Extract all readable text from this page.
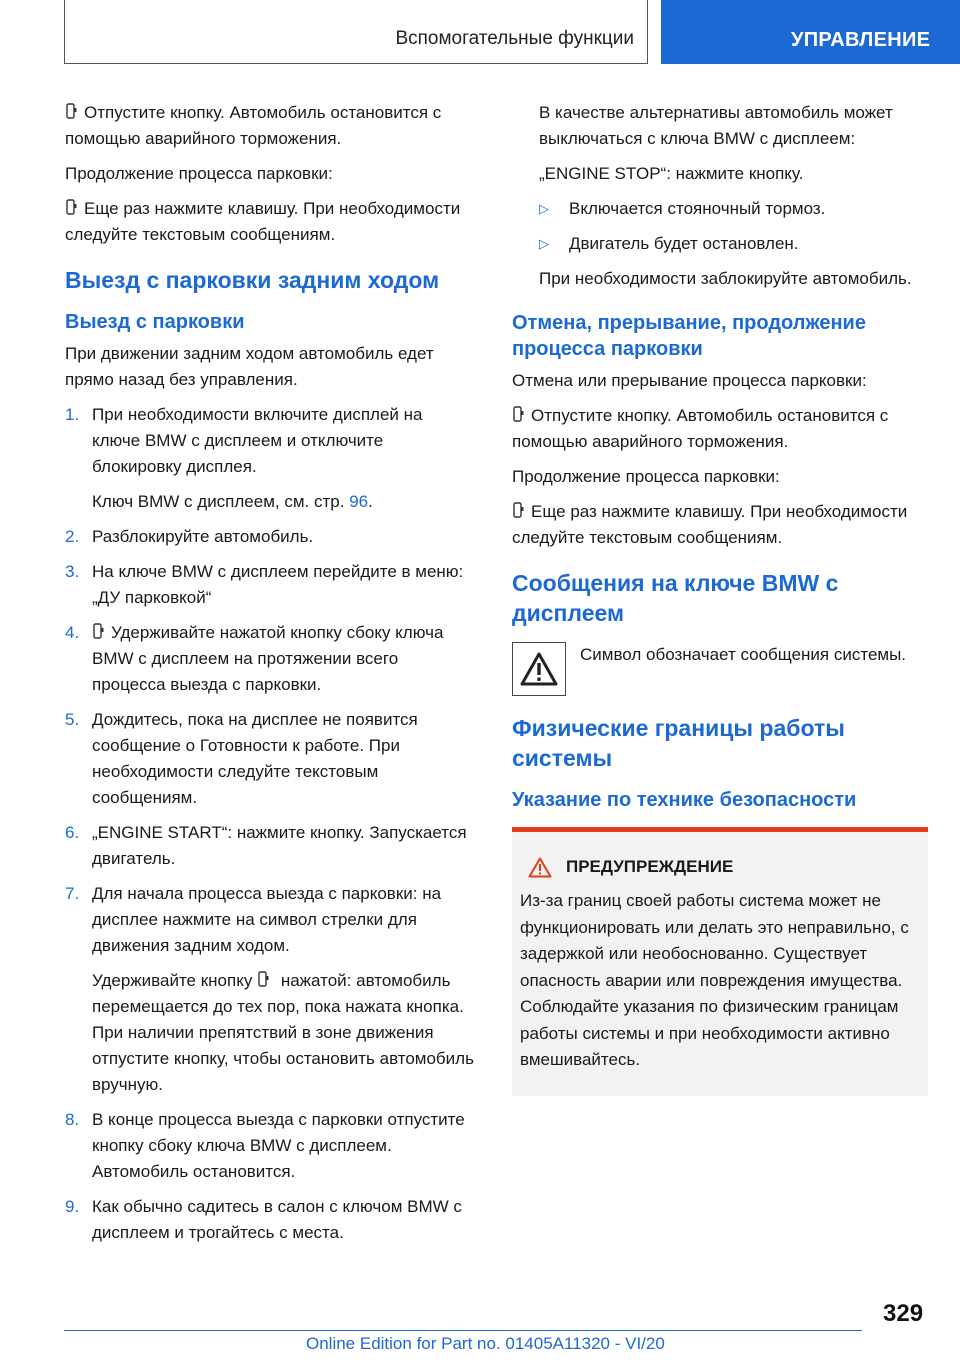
Вспомогательные функции	УПРАВЛЕНИЕ

Отпустите кнопку. Автомобиль остановится с помощью аварийного торможения.

Продолжение процесса парковки:

Еще раз нажмите клавишу. При необходимости следуйте текстовым сообщениям.

Выезд с парковки задним ходом
Выезд с парковки

При движении задним ходом автомобиль едет прямо назад без управления.

1. При необходимости включите дисплей на ключе BMW с дисплеем и отключите блокировку дисплея.
Ключ BMW с дисплеем, см. стр. 96.
2. Разблокируйте автомобиль.
3. На ключе BMW с дисплеем перейдите в меню: „ДУ парковкой“
4.	Удерживайте нажатой кнопку сбоку ключа BMW с дисплеем на протяжении всего процесса выезда с парковки.
5. Дождитесь, пока на дисплее не появится сообщение о Готовности к работе. При необходимости следуйте текстовым сообщениям.
6. „ENGINE START“: нажмите кнопку. Запускается двигатель.
7. Для начала процесса выезда с парковки: на дисплее нажмите на символ стрелки для движения задним ходом.
Удерживайте кнопку нажатой: автомобиль перемещается до тех пор, пока нажата кнопка. При наличии препятствий в зоне движения отпустите кнопку, чтобы остановить автомобиль вручную.
8. В конце процесса выезда с парковки отпустите кнопку сбоку ключа BMW с дисплеем. Автомобиль остановится.
9. Как обычно садитесь в салон с ключом BMW с дисплеем и трогайтесь с места.

В качестве альтернативы автомобиль может выключаться с ключа BMW с дисплеем:

„ENGINE STOP“: нажмите кнопку.

▷ Включается стояночный тормоз.
▷ Двигатель будет остановлен.

При необходимости заблокируйте автомобиль.

Отмена, прерывание, продолжение процесса парковки

Отмена или прерывание процесса парковки:

Отпустите кнопку. Автомобиль остановится с помощью аварийного торможения.

Продолжение процесса парковки:

Еще раз нажмите клавишу. При необходимости следуйте текстовым сообщениям.

Сообщения на ключе BMW с дисплеем
Символ обозначает сообщения системы.
Физические границы работы системы
Указание по технике безопасности
ПРЕДУПРЕЖДЕНИЕ

Из-за границ своей работы система может не функционировать или делать это неправильно, с задержкой или необоснованно. Существует опасность аварии или повреждения имущества. Соблюдайте указания по физическим границам работы системы и при необходимости активно вмешивайтесь.

329
Online Edition for Part no. 01405A11320 - VI/20
